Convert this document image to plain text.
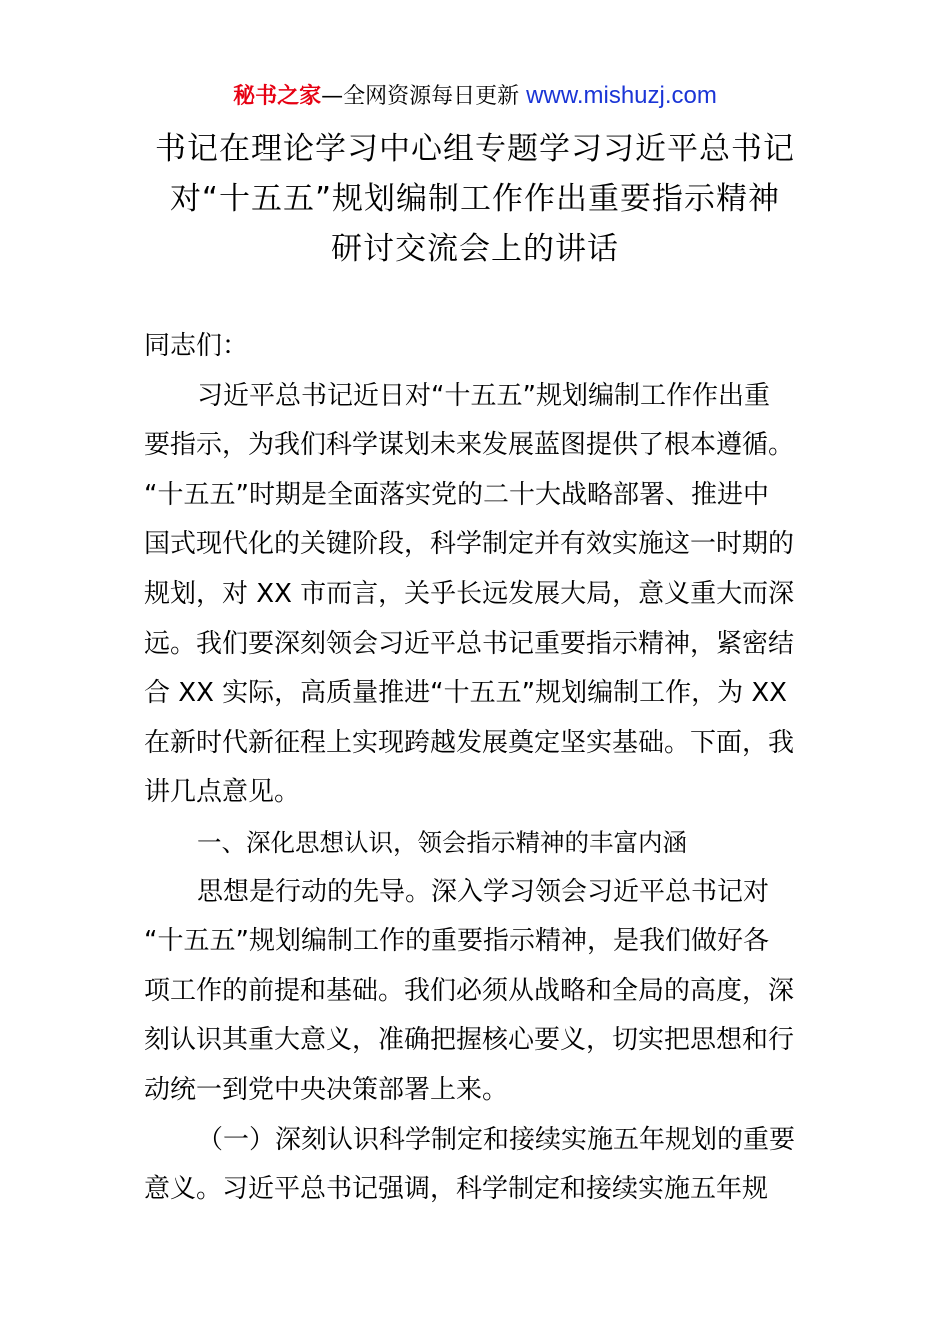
秘书之家—全网资源每日更新 www.mishuzj.com
书记在理论学习中心组专题学习习近平总书记
对“十五五”规划编制工作作出重要指示精神
研讨交流会上的讲话
同志们：
习近平总书记近日对“十五五”规划编制工作作出重
要指示，为我们科学谋划未来发展蓝图提供了根本遵循。
“十五五”时期是全面落实党的二十大战略部署、推进中
国式现代化的关键阶段，科学制定并有效实施这一时期的
规划，对 XX 市而言，关乎长远发展大局，意义重大而深
远。我们要深刻领会习近平总书记重要指示精神，紧密结
合 XX 实际，高质量推进“十五五”规划编制工作，为 XX
在新时代新征程上实现跨越发展奠定坚实基础。下面，我
讲几点意见。
一、深化思想认识，领会指示精神的丰富内涵
思想是行动的先导。深入学习领会习近平总书记对
“十五五”规划编制工作的重要指示精神，是我们做好各
项工作的前提和基础。我们必须从战略和全局的高度，深
刻认识其重大意义，准确把握核心要义，切实把思想和行
动统一到党中央决策部署上来。
（一）深刻认识科学制定和接续实施五年规划的重要
意义。习近平总书记强调，科学制定和接续实施五年规
